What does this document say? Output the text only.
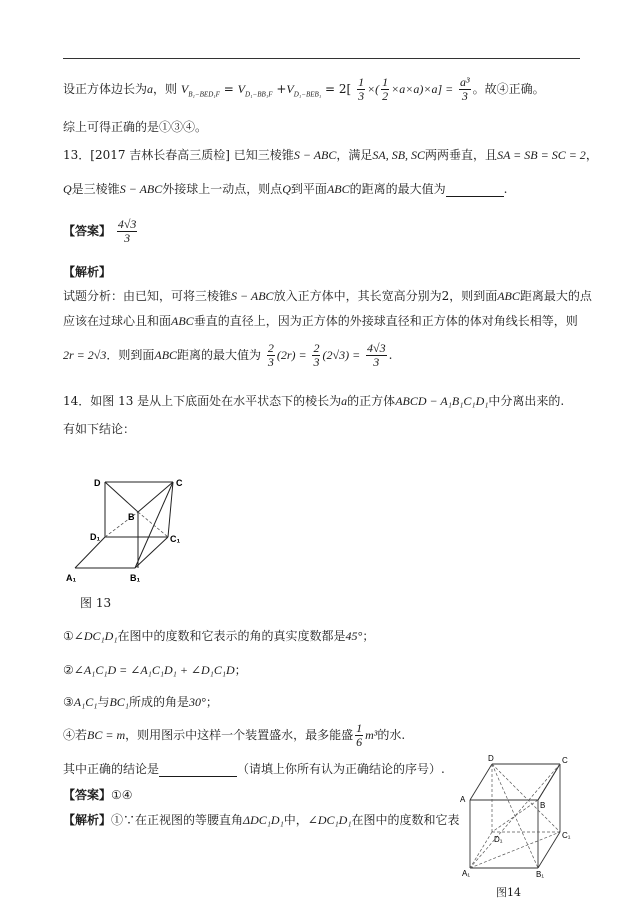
设正方体边长为a，则 $V_{B_1-BED_1F} = V_{D_1-BB_1F} +V_{D_1-BEB_1} = 2[ \frac{1}{3}$ ×( $\frac{1}{2} \times a\times a)\times a] = \frac{\text{a³}}{3}$ 。故④正确。
综上可得正确的是①③④。
13．[2017 吉林长春高三质检] 已知三棱锥S − ABC，满足SA, SB, SC两两垂直，且SA = SB = SC = 2，
Q是三棱锥S − ABC外接球上一动点，则点Q到平面ABC的距离的最大值为	.
【答案】 $\frac{4√3}{3}$
【解析】
试题分析：由已知，可将三棱锥S − ABC放入正方体中，其长宽高分别为2，则到面ABC距离最大的点
应该在过球心且和面ABC垂直的直径上，因为正方体的外接球直径和正方体的体对角线长相等，则
2r = 2√3．则到面ABC距离的最大值为 $\frac{2}{3} (2r) = \frac{2}{3} (2√3) = \frac{4√3}{3}$ .
14．如图 13 是从上下底面处在水平状态下的棱长为a的正方体ABCD − A₁B₁C₁D₁中分离出来的.
有如下结论：
D	C
B
D₁	C₁
A₁	B₁
图 13
①∠DC₁D₁在图中的度数和它表示的角的真实度数都是45°；
②∠A₁C₁D = ∠A₁C₁D₁ + ∠D₁C₁D；
③A₁C₁与BC₁所成的角是30°；
④若BC = m，则用图示中这样一个装置盛水，最多能盛 $\frac{1}{6} m^3$的水.
其中正确的结论是	（请填上你所有认为正确结论的序号）.
【答案】①④
【解析】①∵在正视图的等腰直角ΔDC₁D₁中，∠DC₁D₁在图中的度数和它表
D	C
A
B
D₁	C₁
A₁	B₁
图14
